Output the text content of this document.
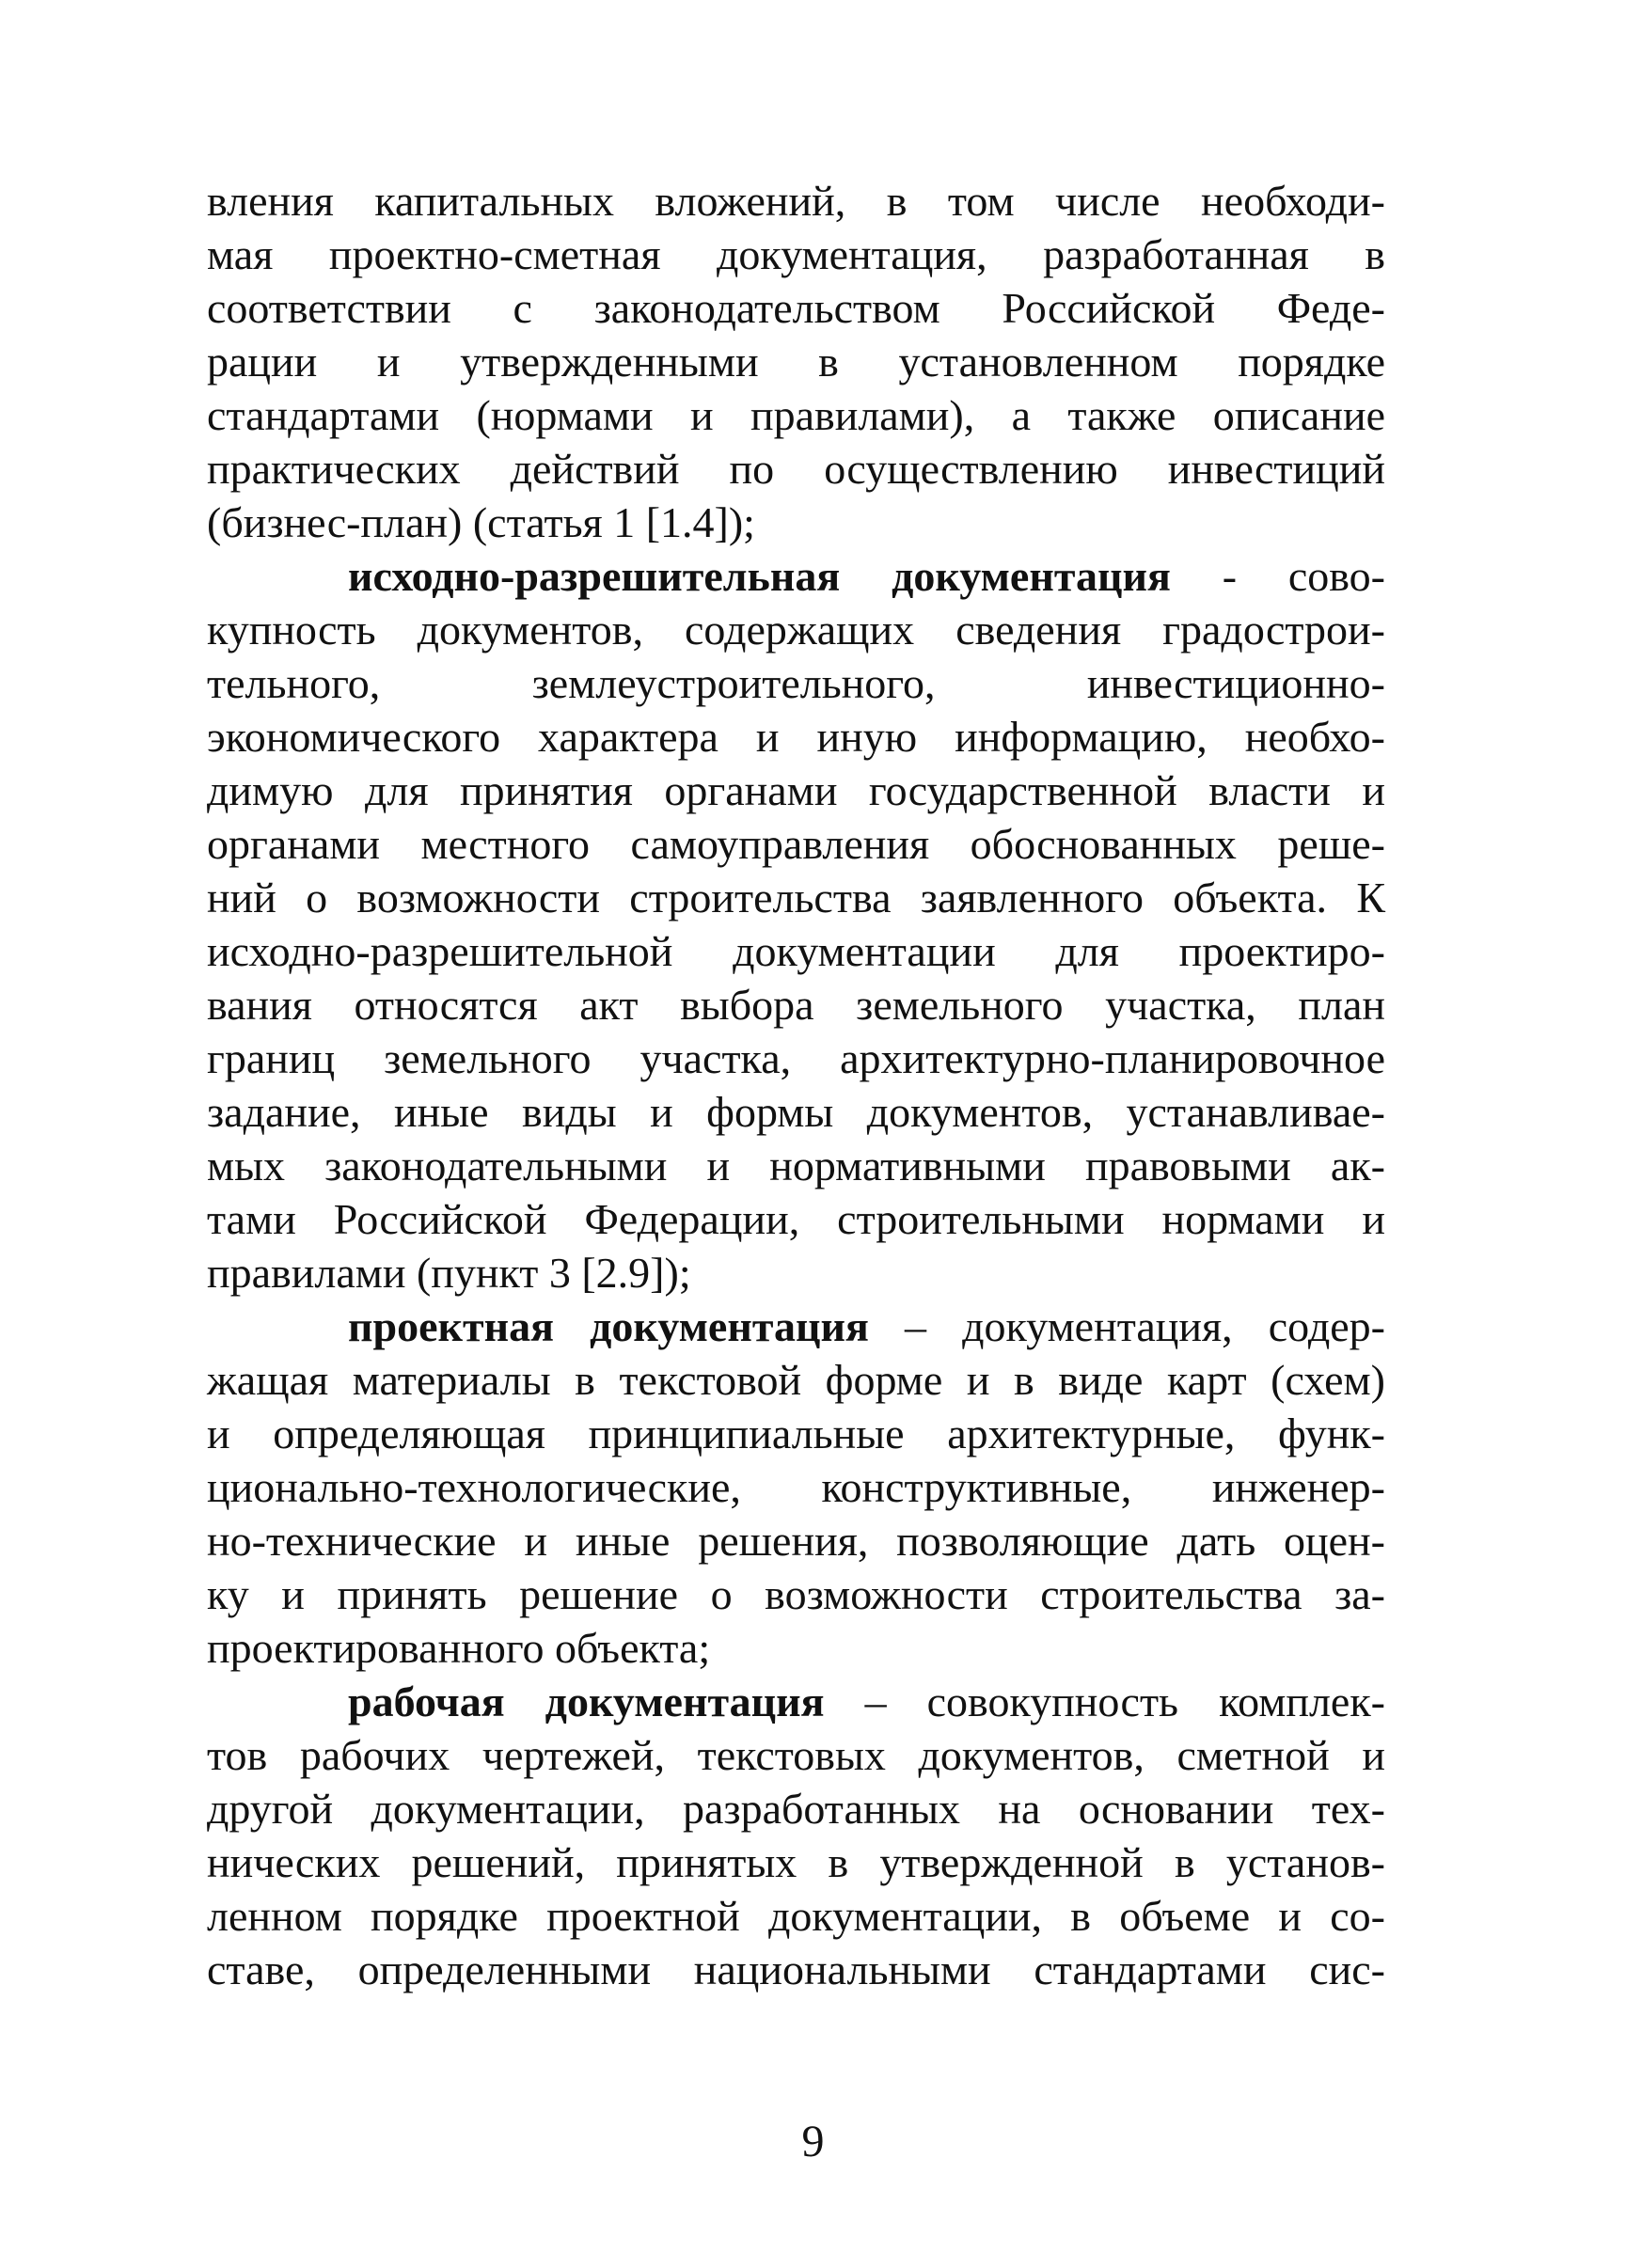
вления капитальных вложений, в том числе необходи-
мая проектно-сметная документация, разработанная в
соответствии с законодательством Российской Феде-
рации и утвержденными в установленном порядке
стандартами (нормами и правилами), а также описание
практических действий по осуществлению инвестиций
(бизнес-план) (статья 1 [1.4]);
исходно-разрешительная документация - сово-
купность документов, содержащих сведения градострои-
тельного, землеустроительного, инвестиционно-
экономического характера и иную информацию, необхо-
димую для принятия органами государственной власти и
органами местного самоуправления обоснованных реше-
ний о возможности строительства заявленного объекта. К
исходно-разрешительной документации для проектиро-
вания относятся акт выбора земельного участка, план
границ земельного участка, архитектурно-планировочное
задание, иные виды и формы документов, устанавливае-
мых законодательными и нормативными правовыми ак-
тами Российской Федерации, строительными нормами и
правилами (пункт 3 [2.9]);
проектная документация – документация, содер-
жащая материалы в текстовой форме и в виде карт (схем)
и определяющая принципиальные архитектурные, функ-
ционально-технологические, конструктивные, инженер-
но-технические и иные решения, позволяющие дать оцен-
ку и принять решение о возможности строительства за-
проектированного объекта;
рабочая документация – совокупность комплек-
тов рабочих чертежей, текстовых документов, сметной и
другой документации, разработанных на основании тех-
нических решений, принятых в утвержденной в установ-
ленном порядке проектной документации, в объеме и со-
ставе, определенными национальными стандартами сис-
9
